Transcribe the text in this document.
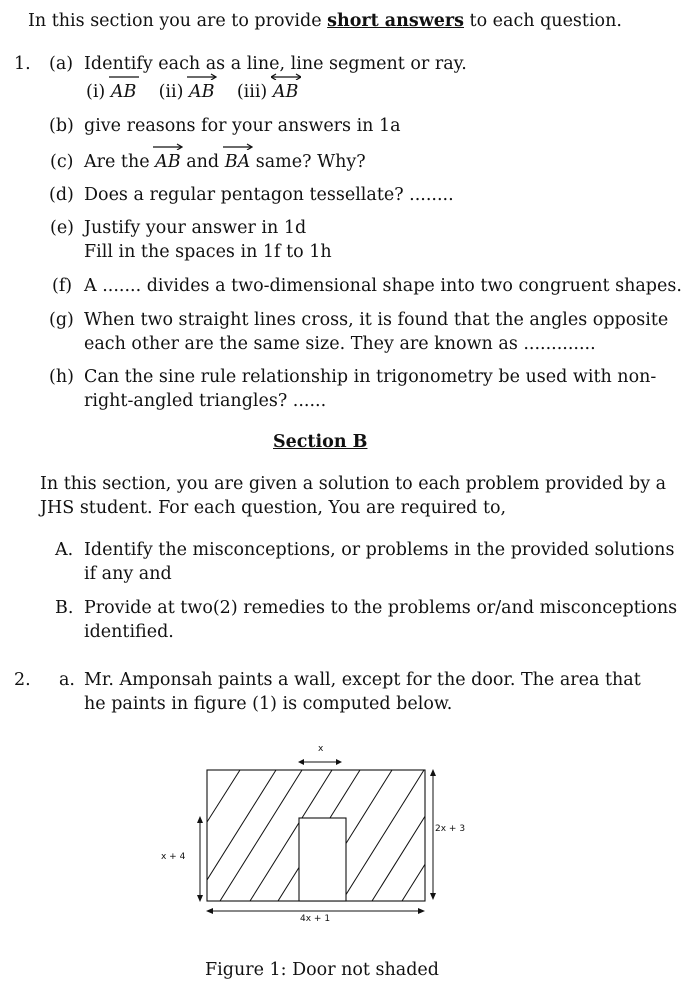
In this section you are to provide short answers to each question.
1. (a) Identify each as a line, line segment or ray.
(i) AB (ii) AB (iii) AB
(b) give reasons for your answers in 1a
(c) Are the
AB and
BA same? Why?
(d) Does a regular pentagon tessellate? ........
(e) Justify your answer in 1d
Fill in the spaces in 1f to 1h
(f) A ....... divides a two-dimensional shape into two congruent shapes.
(g) When two straight lines cross, it is found that the angles opposite
each other are the same size. They are known as .............
(h) Can the sine rule relationship in trigonometry be used with non-
right-angled triangles? ......
Section B
In this section, you are given a solution to each problem provided by a
JHS student. For each question, You are required to,
A. Identify the misconceptions, or problems in the provided solutions
if any and
B. Provide at two(2) remedies to the problems or/and misconceptions
identified.
2. a. Mr. Amponsah paints a wall, except for the door. The area that
he paints in figure (1) is computed below.
x
2x + 3
x + 4
4x + 1
Figure 1: Door not shaded
